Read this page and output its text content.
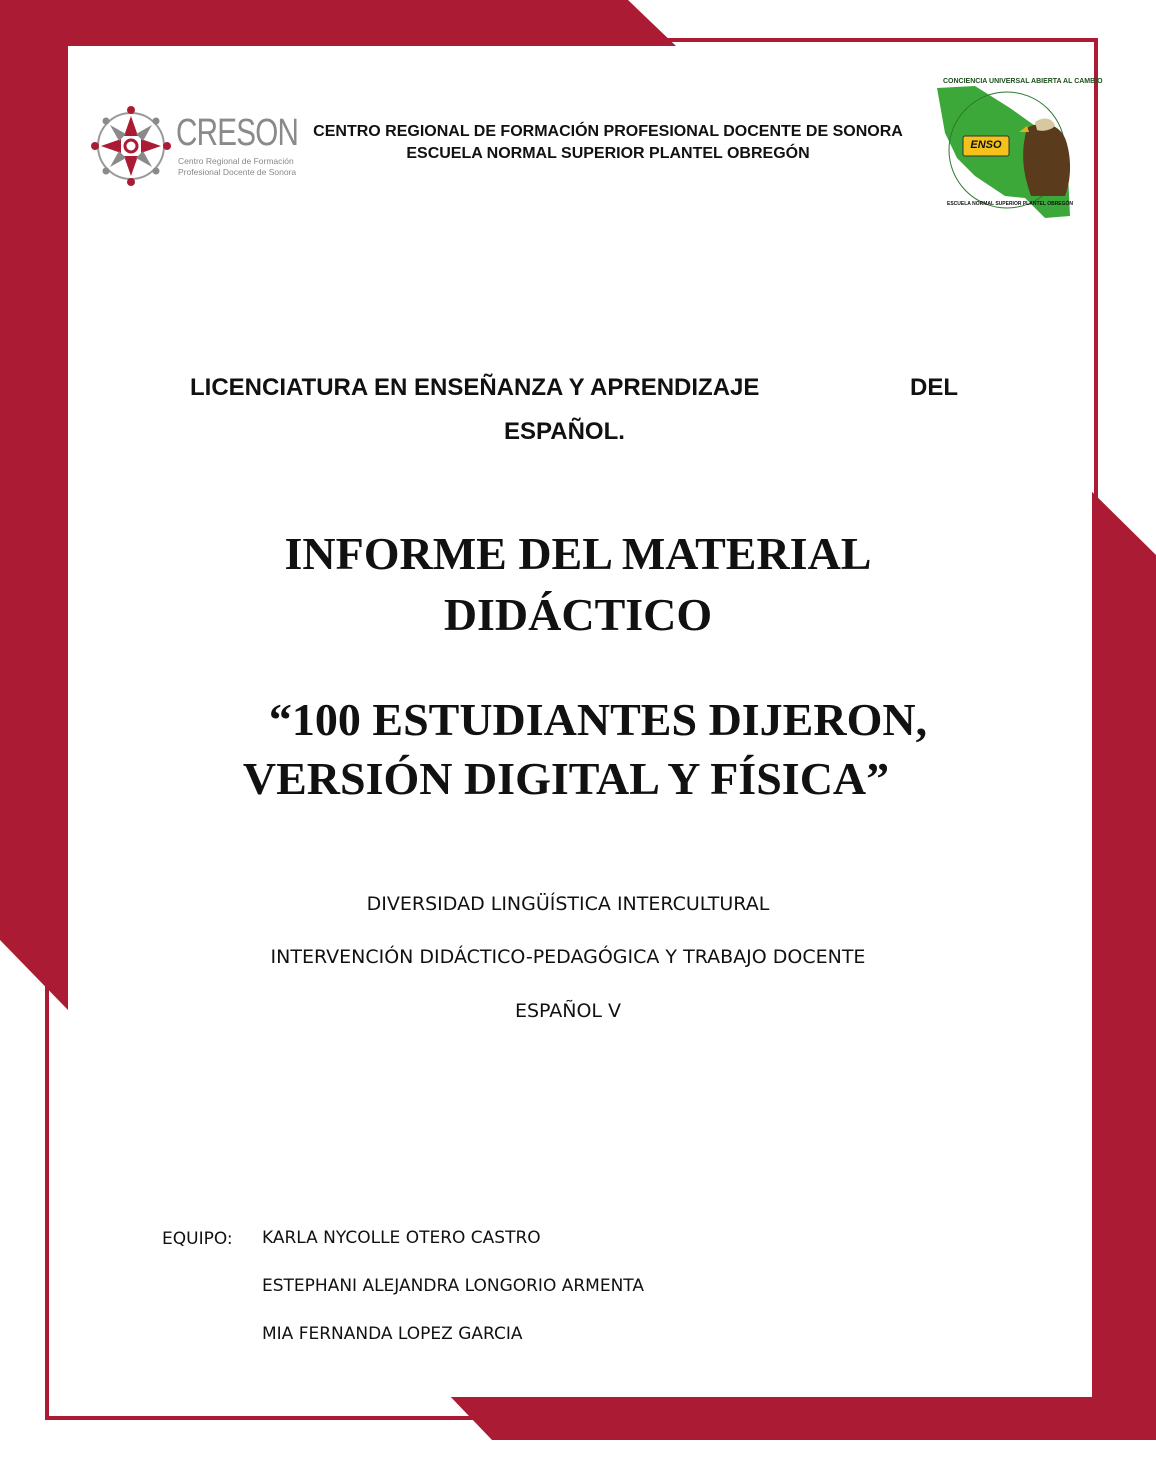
CRESON
Centro Regional de Formación
Profesional Docente de Sonora
CENTRO REGIONAL DE FORMACIÓN PROFESIONAL DOCENTE DE SONORA
ESCUELA NORMAL SUPERIOR PLANTEL OBREGÓN	ENSO
CONCIENCIA UNIVERSAL ABIERTA AL CAMBIO
ESCUELA NORMAL SUPERIOR PLANTEL OBREGÓN
LICENCIATURA EN ENSEÑANZA Y APRENDIZAJE	DEL
ESPAÑOL.
INFORME DEL MATERIAL
DIDÁCTICO
“100 ESTUDIANTES DIJERON,
VERSIÓN DIGITAL Y FÍSICA”
DIVERSIDAD LINGÜÍSTICA INTERCULTURAL
INTERVENCIÓN DIDÁCTICO-PEDAGÓGICA Y TRABAJO DOCENTE
ESPAÑOL V
EQUIPO: KARLA NYCOLLE OTERO CASTRO
ESTEPHANI ALEJANDRA LONGORIO ARMENTA
MIA FERNANDA LOPEZ GARCIA
